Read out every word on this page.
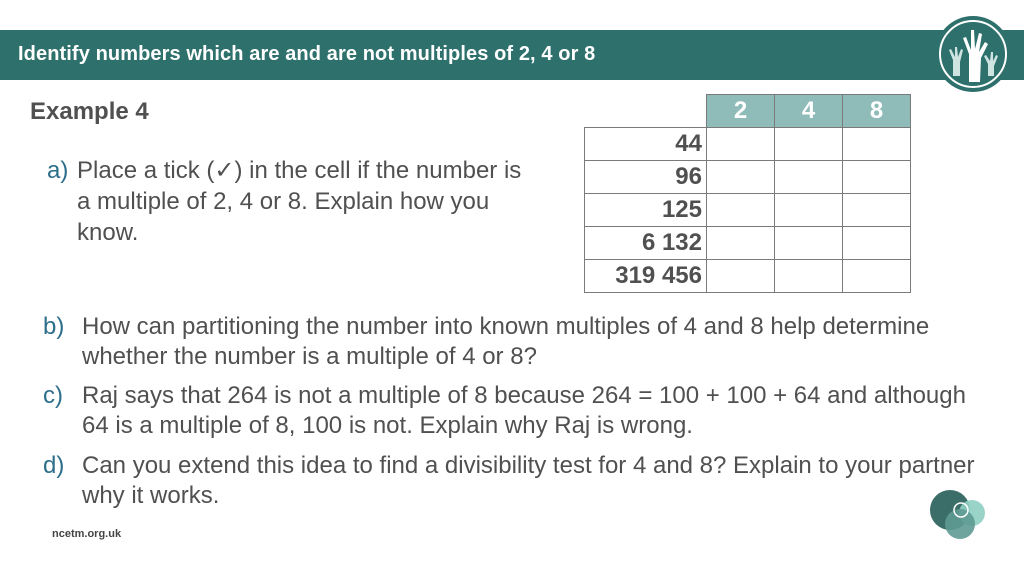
Identify numbers which are and are not multiples of 2, 4 or 8
Example 4
a) Place a tick (✓) in the cell if the number is a multiple of 2, 4 or 8. Explain how you know.
	2	4	8
44			
96			
125			
6 132			
319 456			
b) How can partitioning the number into known multiples of 4 and 8 help determine whether the number is a multiple of 4 or 8?
c) Raj says that 264 is not a multiple of 8 because 264 = 100 + 100 + 64 and although 64 is a multiple of 8, 100 is not. Explain why Raj is wrong.
d) Can you extend this idea to find a divisibility test for 4 and 8? Explain to your partner why it works.
ncetm.org.uk
